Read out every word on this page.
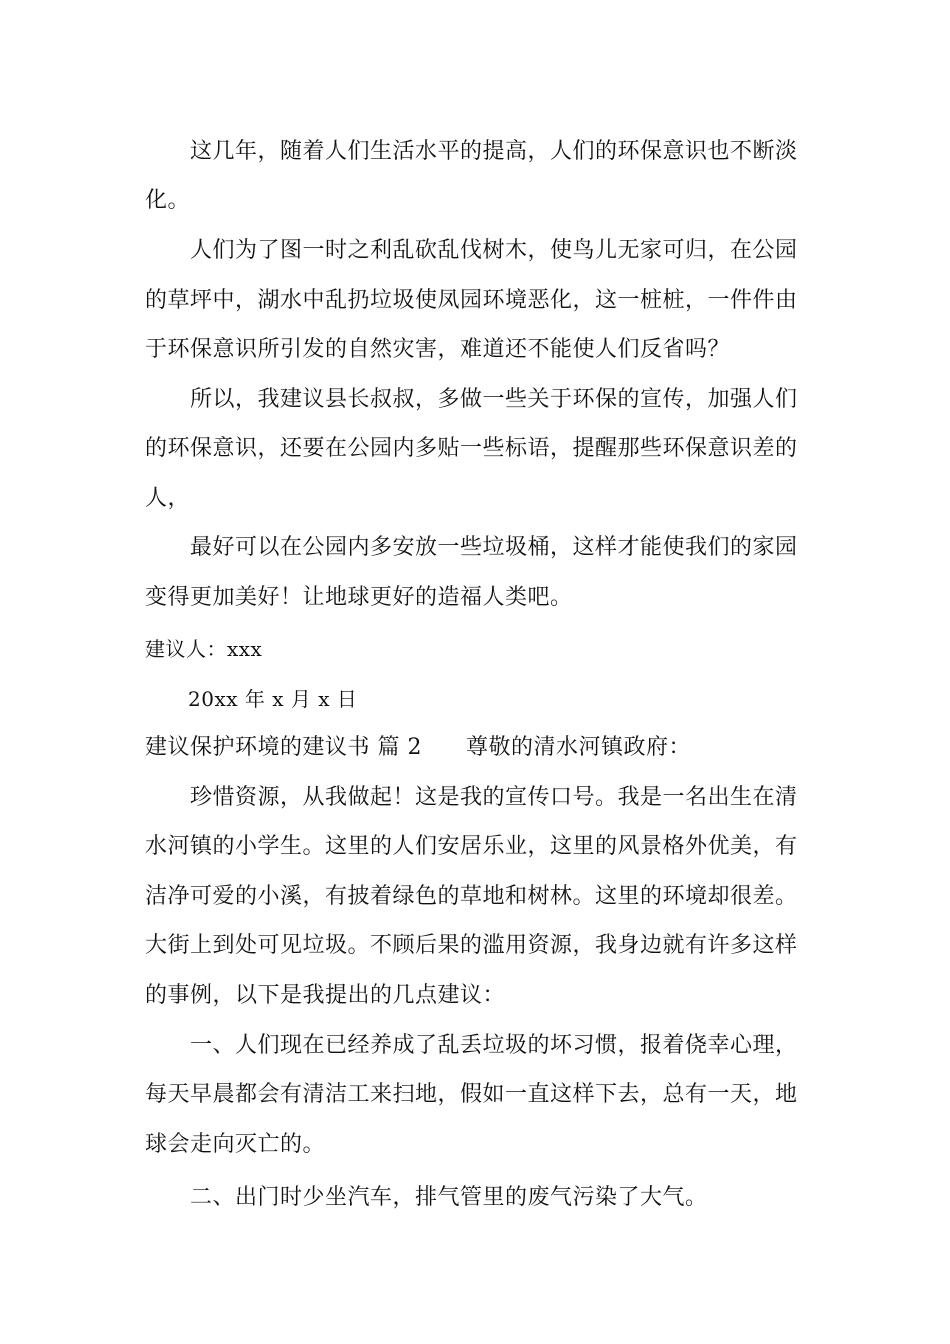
这几年，随着人们生活水平的提高，人们的环保意识也不断淡
化。
人们为了图一时之利乱砍乱伐树木，使鸟儿无家可归，在公园
的草坪中，湖水中乱扔垃圾使凤园环境恶化，这一桩桩，一件件由
于环保意识所引发的自然灾害，难道还不能使人们反省吗？
所以，我建议县长叔叔，多做一些关于环保的宣传，加强人们
的环保意识，还要在公园内多贴一些标语，提醒那些环保意识差的
人，
最好可以在公园内多安放一些垃圾桶，这样才能使我们的家园
变得更加美好！让地球更好的造福人类吧。
建议人：xxx
20xx 年 x 月 x 日
建议保护环境的建议书 篇 2 尊敬的清水河镇政府：
珍惜资源，从我做起！这是我的宣传口号。我是一名出生在清
水河镇的小学生。这里的人们安居乐业，这里的风景格外优美，有
洁净可爱的小溪，有披着绿色的草地和树林。这里的环境却很差。
大街上到处可见垃圾。不顾后果的滥用资源，我身边就有许多这样
的事例，以下是我提出的几点建议：
一、人们现在已经养成了乱丢垃圾的坏习惯，报着侥幸心理，
每天早晨都会有清洁工来扫地，假如一直这样下去，总有一天，地
球会走向灭亡的。
二、出门时少坐汽车，排气管里的废气污染了大气。
